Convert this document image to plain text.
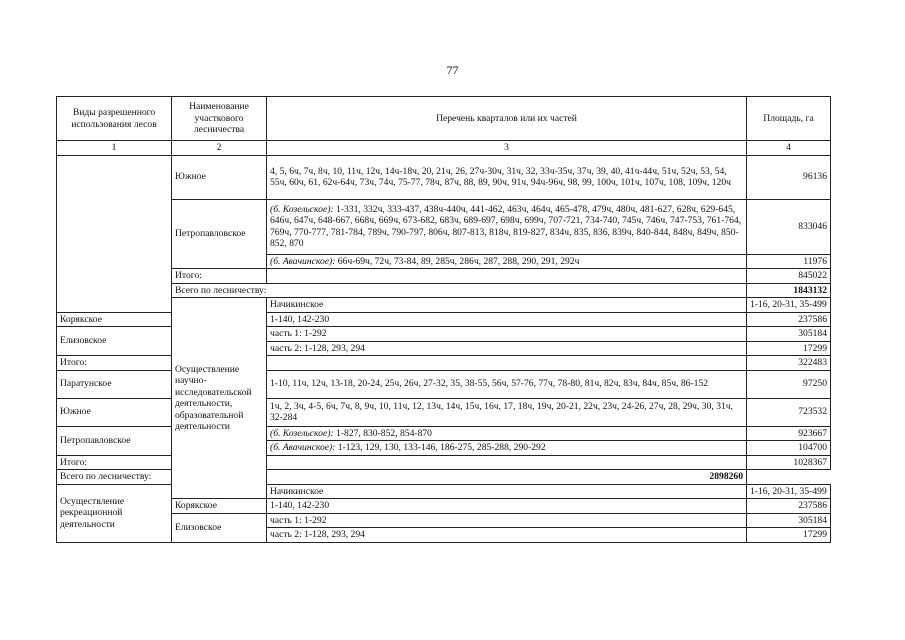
77
Виды разрешенного использования лесов	Наименование участкового лесничества	Перечень кварталов или их частей	Площадь, га	
1	2	3	4	
	Южное	4, 5, 6ч, 7ч, 8ч, 10, 11ч, 12ч, 14ч-18ч, 20, 21ч, 26, 27ч-30ч, 31ч, 32, 33ч-35ч, 37ч, 39, 40, 41ч-44ч, 51ч, 52ч, 53, 54, 55ч, 60ч, 61, 62ч-64ч, 73ч, 74ч, 75-77, 78ч, 87ч, 88, 89, 90ч, 91ч, 94ч-96ч, 98, 99, 100ч, 101ч, 107ч, 108, 109ч, 120ч	96136	
	Петропавловское	(б. Козельское): 1-331, 332ч, 333-437, 438ч-440ч, 441-462, 463ч, 464ч, 465-478, 479ч, 480ч, 481-627, 628ч, 629-645, 646ч, 647ч, 648-667, 668ч, 669ч, 673-682, 683ч, 689-697, 698ч, 699ч, 707-721, 734-740, 745ч, 746ч, 747-753, 761-764, 769ч, 770-777, 781-784, 789ч, 790-797, 806ч, 807-813, 818ч, 819-827, 834ч, 835, 836, 839ч, 840-844, 848ч, 849ч, 850-852, 870	833046	
		(б. Авачинское): 66ч-69ч, 72ч, 73-84, 89, 285ч, 286ч, 287, 288, 290, 291, 292ч	11976	
	Итого:		845022	
	Всего по лесничеству:		1843132	
	Осуществление научно-исследовательской деятельности, образовательной деятельности	Начикинское	1-16, 20-31, 35-499	
Корякское		1-140, 142-230	237586	
Елизовское		часть 1: 1-292	305184	
		часть 2: 1-128, 293, 294	17299	
Итого:			322483	
Паратунское		1-10, 11ч, 12ч, 13-18, 20-24, 25ч, 26ч, 27-32, 35, 38-55, 56ч, 57-76, 77ч, 78-80, 81ч, 82ч, 83ч, 84ч, 85ч, 86-152	97250	
Южное		1ч, 2, 3ч, 4-5, 6ч, 7ч, 8, 9ч, 10, 11ч, 12, 13ч, 14ч, 15ч, 16ч, 17, 18ч, 19ч, 20-21, 22ч, 23ч, 24-26, 27ч, 28, 29ч, 30, 31ч, 32-284	723532	
Петропавловское		(б. Козельское): 1-827, 830-852, 854-870	923667	
		(б. Авачинское): 1-123, 129, 130, 133-146, 186-275, 285-288, 290-292	104700	
Итого:			1028367	
Всего по лесничеству:		2898260		
Осуществление рекреационной деятельности		Начикинское	1-16, 20-31, 35-499	
	Корякское	1-140, 142-230	237586	
	Елизовское	часть 1: 1-292	305184	
		часть 2: 1-128, 293, 294	17299	
